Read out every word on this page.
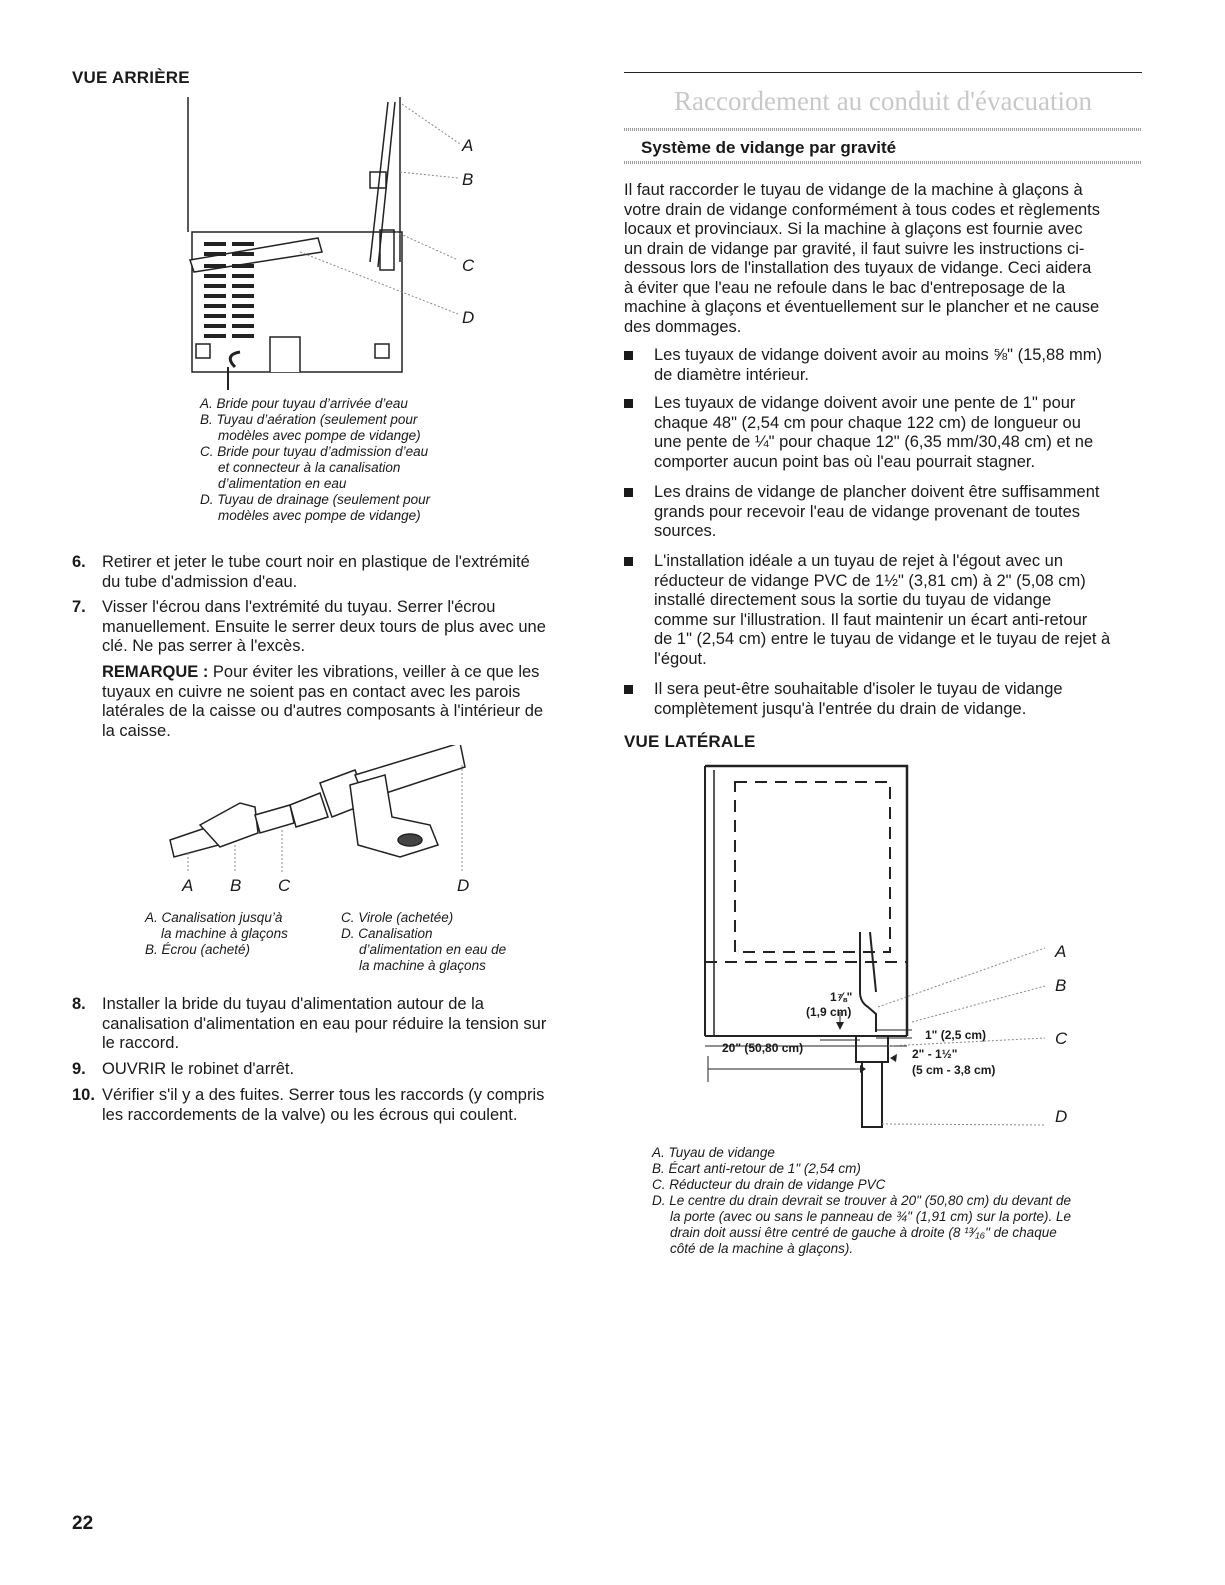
VUE ARRIÈRE
A
B
C
D
A. Bride pour tuyau d’arrivée d’eau
B. Tuyau d’aération (seulement pour
modèles avec pompe de vidange)
C. Bride pour tuyau d’admission d’eau
et connecteur à la canalisation
d’alimentation en eau
D. Tuyau de drainage (seulement pour
modèles avec pompe de vidange)
6. Retirer et jeter le tube court noir en plastique de l'extrémité
du tube d'admission d'eau.
7. Visser l'écrou dans l'extrémité du tuyau. Serrer l'écrou
manuellement. Ensuite le serrer deux tours de plus avec une
clé. Ne pas serrer à l'excès.
REMARQUE : Pour éviter les vibrations, veiller à ce que les
tuyaux en cuivre ne soient pas en contact avec les parois
latérales de la caisse ou d'autres composants à l'intérieur de
la caisse.
A B C	D
A. Canalisation jusqu’à
la machine à glaçons
B. Écrou (acheté)
C. Virole (achetée)
D. Canalisation
d’alimentation en eau de
la machine à glaçons
8. Installer la bride du tuyau d'alimentation autour de la
canalisation d'alimentation en eau pour réduire la tension sur
le raccord.
9. OUVRIR le robinet d'arrêt.
10. Vérifier s'il y a des fuites. Serrer tous les raccords (y compris
les raccordements de la valve) ou les écrous qui coulent.
22
Raccordement au conduit d'évacuation
Système de vidange par gravité
Il faut raccorder le tuyau de vidange de la machine à glaçons à
votre drain de vidange conformément à tous codes et règlements
locaux et provinciaux. Si la machine à glaçons est fournie avec
un drain de vidange par gravité, il faut suivre les instructions ci-
dessous lors de l'installation des tuyaux de vidange. Ceci aidera
à éviter que l'eau ne refoule dans le bac d'entreposage de la
machine à glaçons et éventuellement sur le plancher et ne cause
des dommages.
Les tuyaux de vidange doivent avoir au moins ⅝" (15,88 mm)
de diamètre intérieur.
Les tuyaux de vidange doivent avoir une pente de 1" pour
chaque 48" (2,54 cm pour chaque 122 cm) de longueur ou
une pente de ¼" pour chaque 12" (6,35 mm/30,48 cm) et ne
comporter aucun point bas où l'eau pourrait stagner.
Les drains de vidange de plancher doivent être suffisamment
grands pour recevoir l'eau de vidange provenant de toutes
sources.
L'installation idéale a un tuyau de rejet à l'égout avec un
réducteur de vidange PVC de 1½" (3,81 cm) à 2" (5,08 cm)
installé directement sous la sortie du tuyau de vidange
comme sur l'illustration. Il faut maintenir un écart anti-retour
de 1" (2,54 cm) entre le tuyau de vidange et le tuyau de rejet à
l'égout.
Il sera peut-être souhaitable d'isoler le tuyau de vidange
complètement jusqu'à l'entrée du drain de vidange.
VUE LATÉRALE
A
B
C
D
1⅞"
(1,9 cm)
1" (2,5 cm)
20" (50,80 cm)	2" - 1½"
(5 cm - 3,8 cm)
A. Tuyau de vidange
B. Écart anti-retour de 1" (2,54 cm)
C. Réducteur du drain de vidange PVC
D. Le centre du drain devrait se trouver à 20" (50,80 cm) du devant de
la porte (avec ou sans le panneau de ¾" (1,91 cm) sur la porte). Le
drain doit aussi être centré de gauche à droite (8 ¹³⁄₁₆" de chaque
côté de la machine à glaçons).
